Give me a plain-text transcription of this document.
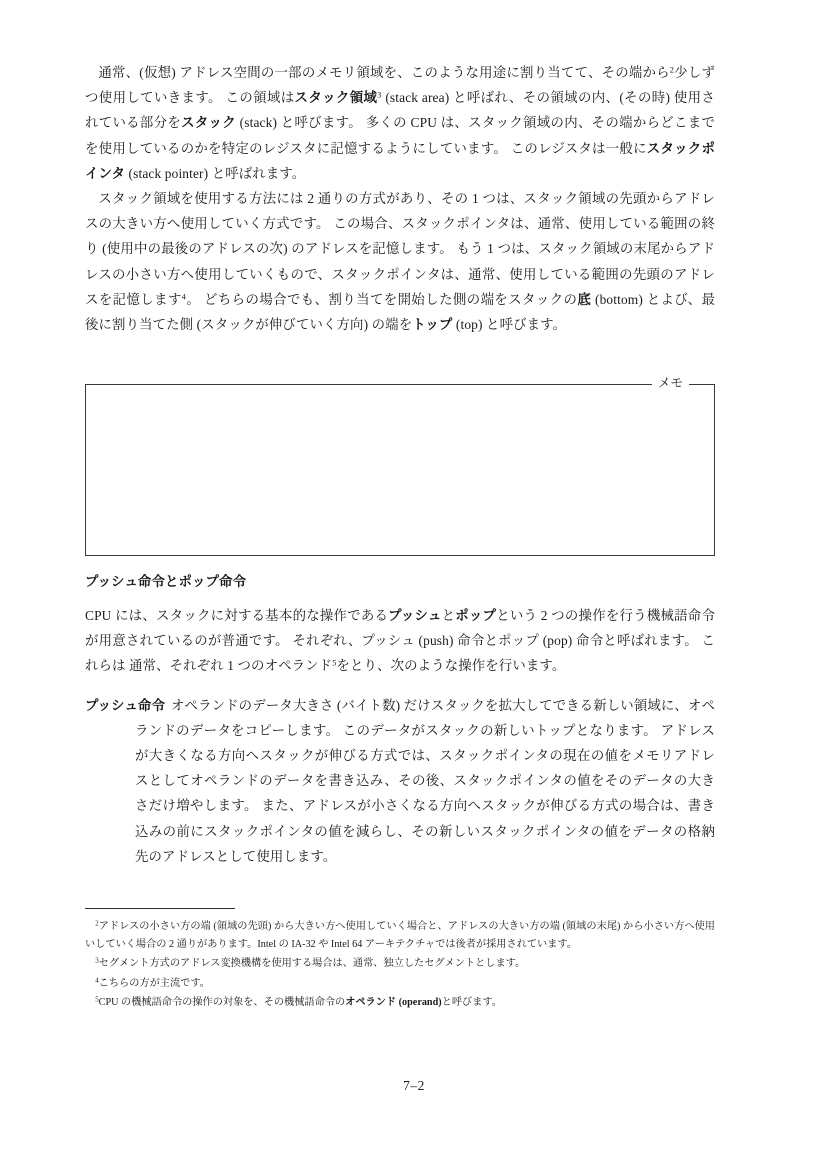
通常、(仮想) アドレス空間の一部のメモリ領域を、このような用途に割り当てて、その端から$^2$少しずつ使用していきます。 この領域はスタック領域$^3$ (stack area) と呼ばれ、その領域の内、(その時) 使用されている部分をスタック (stack) と呼びます。 多くの CPU は、スタック領域の内、その端からどこまでを使用しているのかを特定のレジスタに記憶するようにしています。 このレジスタは一般にスタックポインタ (stack pointer) と呼ばれます。

スタック領域を使用する方法には 2 通りの方式があり、その 1 つは、スタック領域の先頭からアドレスの大きい方へ使用していく方式です。 この場合、スタックポインタは、通常、使用している範囲の終り (使用中の最後のアドレスの次) のアドレスを記憶します。 もう 1 つは、スタック領域の末尾からアドレスの小さい方へ使用していくもので、スタックポインタは、通常、使用している範囲の先頭のアドレスを記憶します$^4$。 どちらの場合でも、割り当てを開始した側の端をスタックの底 (bottom) とよび、最後に割り当てた側 (スタックが伸びていく方向) の端をトップ (top) と呼びます。

メモ
プッシュ命令とポップ命令

CPU には、スタックに対する基本的な操作であるプッシュとポップという 2 つの操作を行う機械語命令が用意されているのが普通です。 それぞれ、プッシュ (push) 命令とポップ (pop) 命令と呼ばれます。 これらは 通常、それぞれ 1 つのオペランド$^5$をとり、次のような操作を行います。

プッシュ命令 オペランドのデータ大きさ (バイト数) だけスタックを拡大してできる新しい領域に、オペランドのデータをコピーします。 このデータがスタックの新しいトップとなります。 アドレスが大きくなる方向へスタックが伸びる方式では、スタックポインタの現在の値をメモリアドレスとしてオペランドのデータを書き込み、その後、スタックポインタの値をそのデータの大きさだけ増やします。 また、アドレスが小さくなる方向へスタックが伸びる方式の場合は、書き込みの前にスタックポインタの値を減らし、その新しいスタックポインタの値をデータの格納先のアドレスとして使用します。

$^2$アドレスの小さい方の端 (領域の先頭) から大きい方へ使用していく場合と、アドレスの大きい方の端 (領域の末尾) から小さい方へ使用いしていく場合の 2 通りがあります。Intel の IA-32 や Intel 64 アーキテクチャでは後者が採用されています。

$^3$セグメント方式のアドレス変換機構を使用する場合は、通常、独立したセグメントとします。

$^4$こちらの方が主流です。

$^5$CPU の機械語命令の操作の対象を、その機械語命令のオペランド (operand)と呼びます。

7–2
